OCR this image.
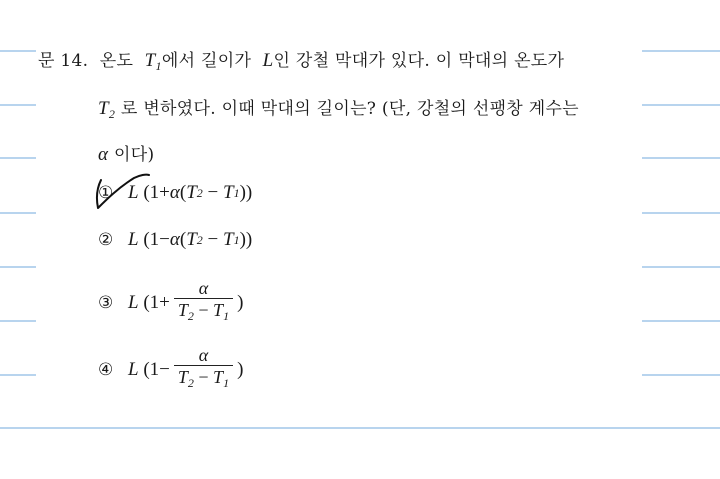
문 14. 온도 $T_1$에서 길이가 L인 강철 막대가 있다. 이 막대의 온도가
$T_2$ 로 변하였다. 이때 막대의 길이는? (단, 강철의 선팽창 계수는
α 이다)
① L (1 + α ( T 2
−
T 1 ))
② L (1 − α ( T 2
−
T 1 ))
③ L ($1 + \frac{\alpha}{T_2 - T_1}$ )
④ L ($1 - \frac{\alpha}{T_2 - T_1}$ )
